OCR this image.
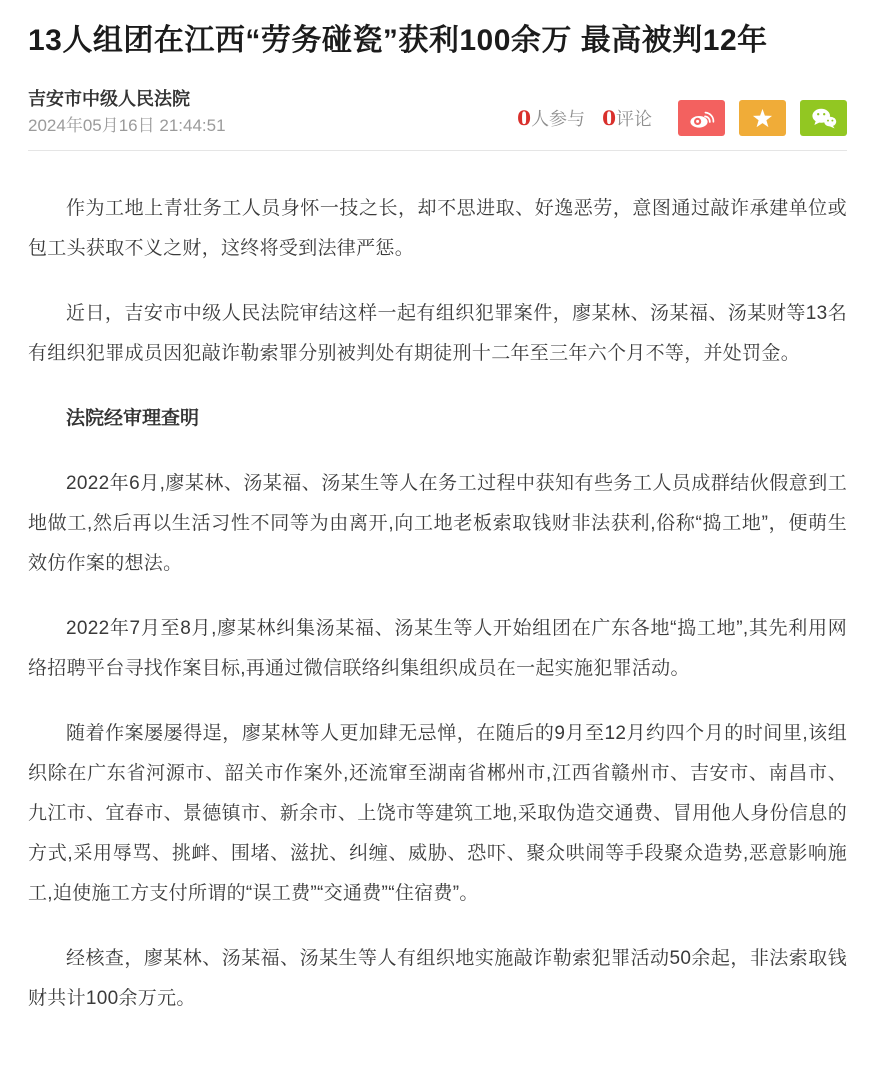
13人组团在江西“劳务碰瓷”获利100余万 最高被判12年
吉安市中级人民法院
2024年05月16日 21:44:51	0人参与 0评论

作为工地上青壮务工人员身怀一技之长，却不思进取、好逸恶劳，意图通过敲诈承建单位或包工头获取不义之财，这终将受到法律严惩。

近日，吉安市中级人民法院审结这样一起有组织犯罪案件，廖某林、汤某福、汤某财等13名有组织犯罪成员因犯敲诈勒索罪分别被判处有期徒刑十二年至三年六个月不等，并处罚金。

法院经审理查明

2022年6月,廖某林、汤某福、汤某生等人在务工过程中获知有些务工人员成群结伙假意到工地做工,然后再以生活习性不同等为由离开,向工地老板索取钱财非法获利,俗称“捣工地”，便萌生效仿作案的想法。

2022年7月至8月,廖某林纠集汤某福、汤某生等人开始组团在广东各地“捣工地”,其先利用网络招聘平台寻找作案目标,再通过微信联络纠集组织成员在一起实施犯罪活动。

随着作案屡屡得逞，廖某林等人更加肆无忌惮，在随后的9月至12月约四个月的时间里,该组织除在广东省河源市、韶关市作案外,还流窜至湖南省郴州市,江西省赣州市、吉安市、南昌市、九江市、宜春市、景德镇市、新余市、上饶市等建筑工地,采取伪造交通费、冒用他人身份信息的方式,采用辱骂、挑衅、围堵、滋扰、纠缠、威胁、恐吓、聚众哄闹等手段聚众造势,恶意影响施工,迫使施工方支付所谓的“误工费”“交通费”“住宿费”。

经核查，廖某林、汤某福、汤某生等人有组织地实施敲诈勒索犯罪活动50余起，非法索取钱财共计100余万元。
